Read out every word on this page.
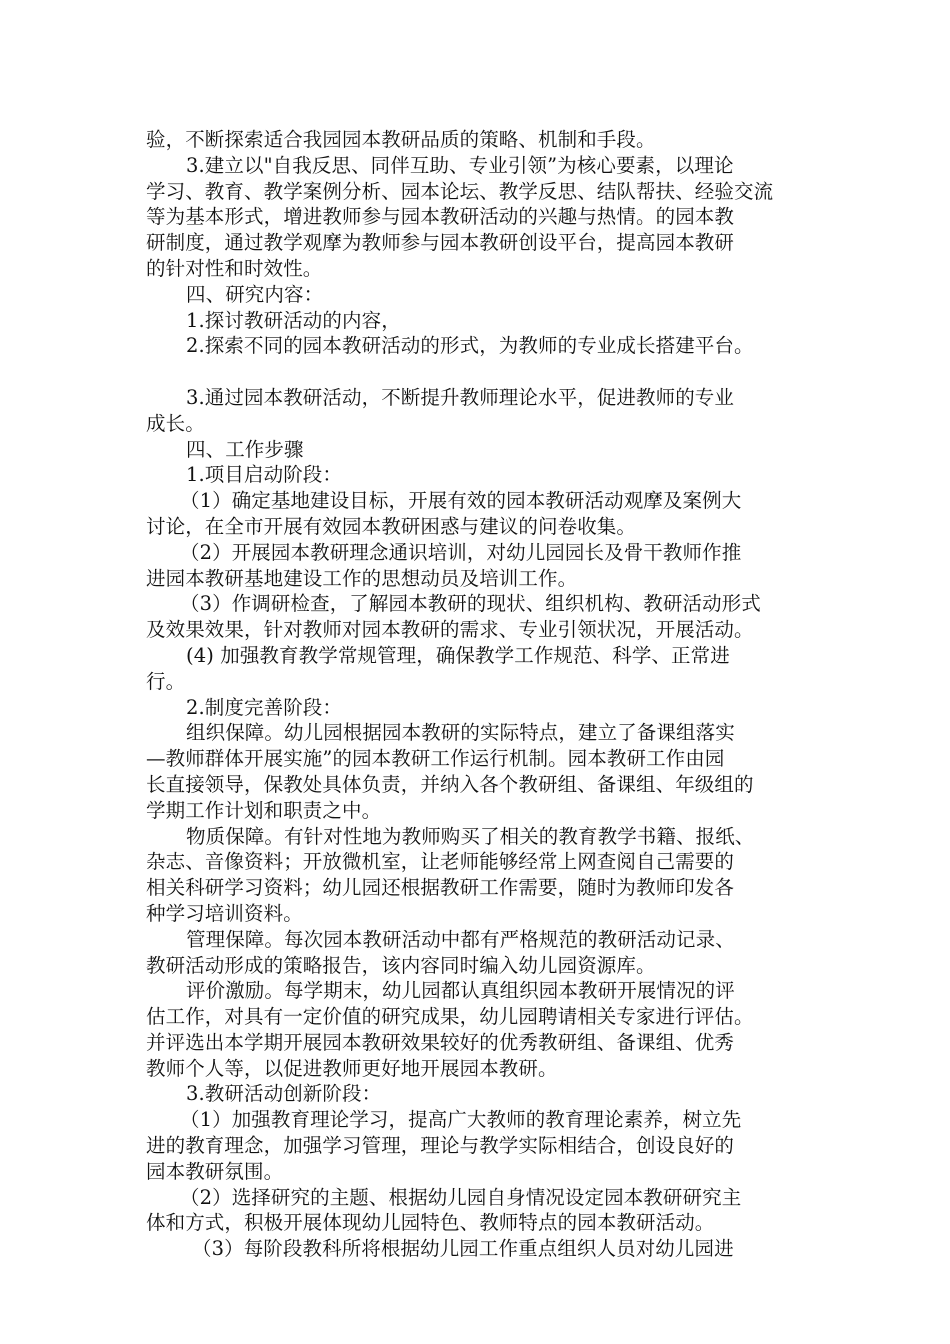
验，不断探索适合我园园本教研品质的策略、机制和手段。
3.建立以"自我反思、同伴互助、专业引领”为核心要素，以理论
学习、教育、教学案例分析、园本论坛、教学反思、结队帮扶、经验交流
等为基本形式，增进教师参与园本教研活动的兴趣与热情。的园本教
研制度，通过教学观摩为教师参与园本教研创设平台，提高园本教研
的针对性和时效性。
四、研究内容：
1.探讨教研活动的内容，
2.探索不同的园本教研活动的形式，为教师的专业成长搭建平台。
3.通过园本教研活动，不断提升教师理论水平，促进教师的专业
成长。
四、工作步骤
1.项目启动阶段：
（1）确定基地建设目标，开展有效的园本教研活动观摩及案例大
讨论，在全市开展有效园本教研困惑与建议的问卷收集。
（2）开展园本教研理念通识培训，对幼儿园园长及骨干教师作推
进园本教研基地建设工作的思想动员及培训工作。
（3）作调研检查，了解园本教研的现状、组织机构、教研活动形式
及效果效果，针对教师对园本教研的需求、专业引领状况，开展活动。
(4) 加强教育教学常规管理，确保教学工作规范、科学、正常进
行。
2.制度完善阶段：
组织保障。幼儿园根据园本教研的实际特点，建立了备课组落实
—教师群体开展实施”的园本教研工作运行机制。园本教研工作由园
长直接领导，保教处具体负责，并纳入各个教研组、备课组、年级组的
学期工作计划和职责之中。
物质保障。有针对性地为教师购买了相关的教育教学书籍、报纸、
杂志、音像资料；开放微机室，让老师能够经常上网查阅自己需要的
相关科研学习资料；幼儿园还根据教研工作需要，随时为教师印发各
种学习培训资料。
管理保障。每次园本教研活动中都有严格规范的教研活动记录、
教研活动形成的策略报告，该内容同时编入幼儿园资源库。
评价激励。每学期末，幼儿园都认真组织园本教研开展情况的评
估工作，对具有一定价值的研究成果，幼儿园聘请相关专家进行评估。
并评选出本学期开展园本教研效果较好的优秀教研组、备课组、优秀
教师个人等，以促进教师更好地开展园本教研。
3.教研活动创新阶段：
（1）加强教育理论学习，提高广大教师的教育理论素养，树立先
进的教育理念，加强学习管理，理论与教学实际相结合，创设良好的
园本教研氛围。
（2）选择研究的主题、根据幼儿园自身情况设定园本教研研究主
体和方式，积极开展体现幼儿园特色、教师特点的园本教研活动。
（3）每阶段教科所将根据幼儿园工作重点组织人员对幼儿园进
